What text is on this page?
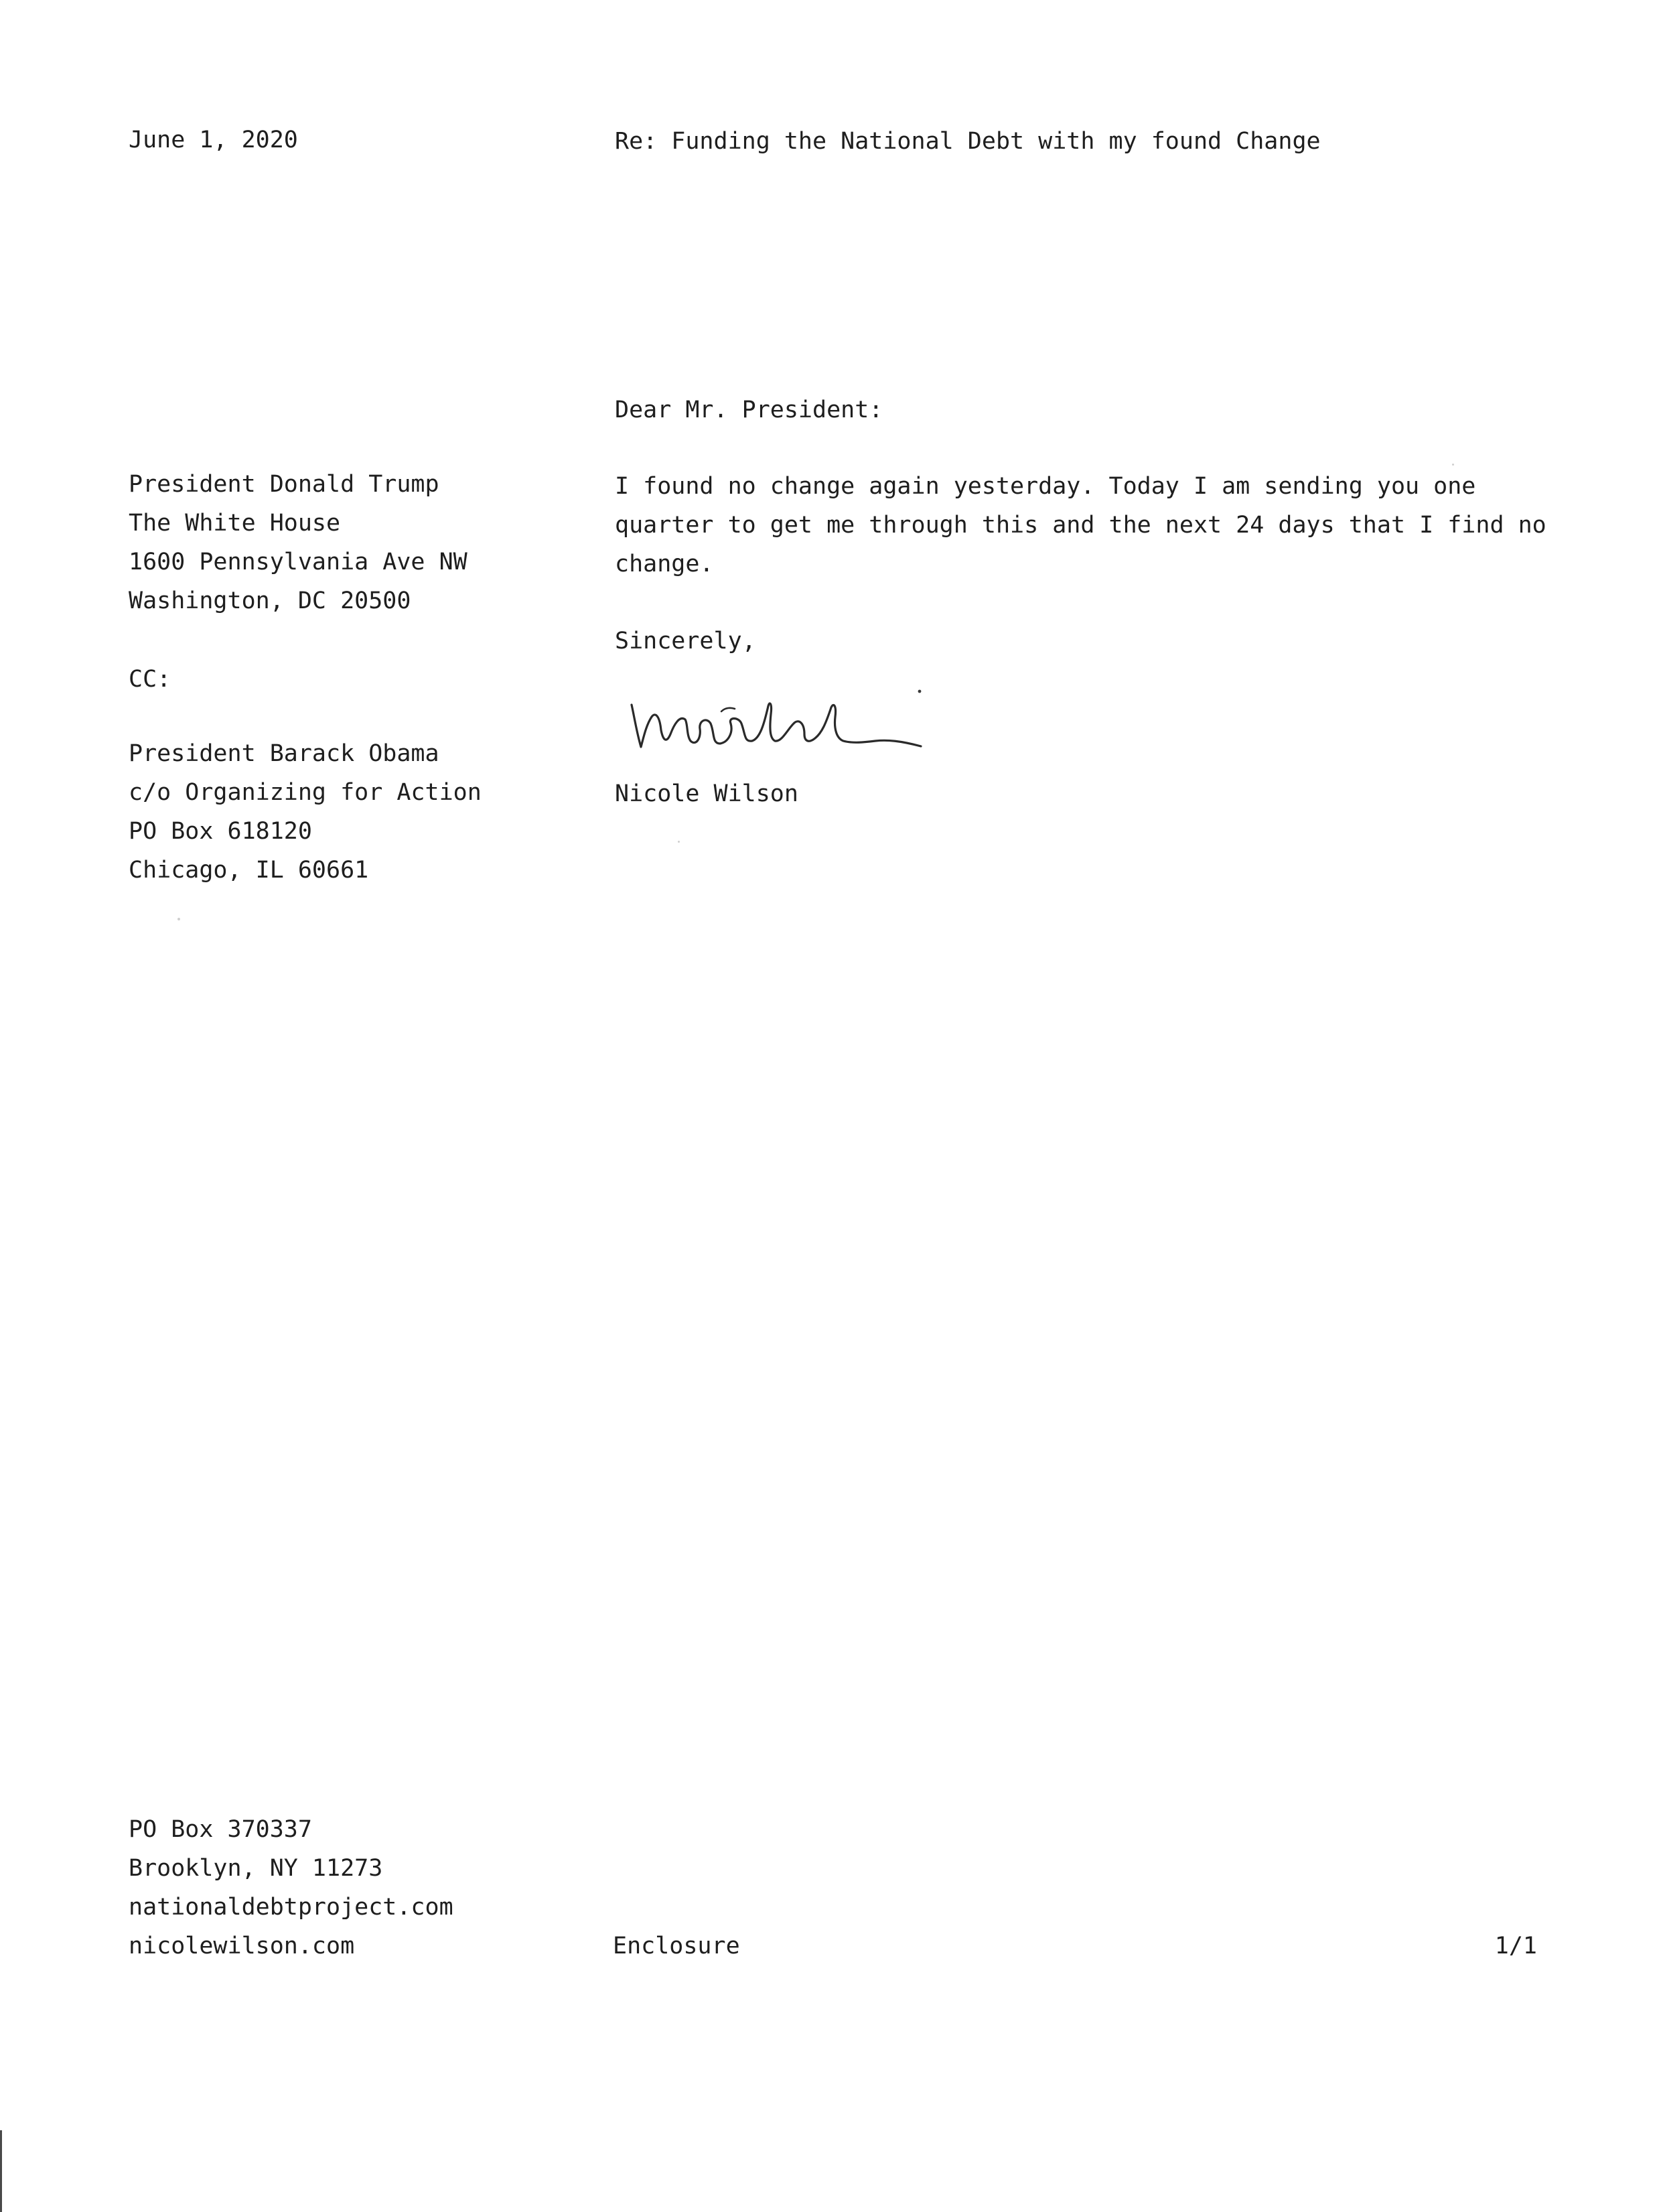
June 1, 2020	Re: Funding the National Debt with my found Change
Dear Mr. President:
President Donald Trump
The White House
1600 Pennsylvania Ave NW
Washington, DC 20500
I found no change again yesterday. Today I am sending you one quarter to get me through this and the next 24 days that I find no change.
Sincerely,
CC:
President Barack Obama
c/o Organizing for Action
PO Box 618120
Chicago, IL 60661
Nicole Wilson
PO Box 370337
Brooklyn, NY 11273
nationaldebtproject.com
nicolewilson.com	Enclosure	1/1
